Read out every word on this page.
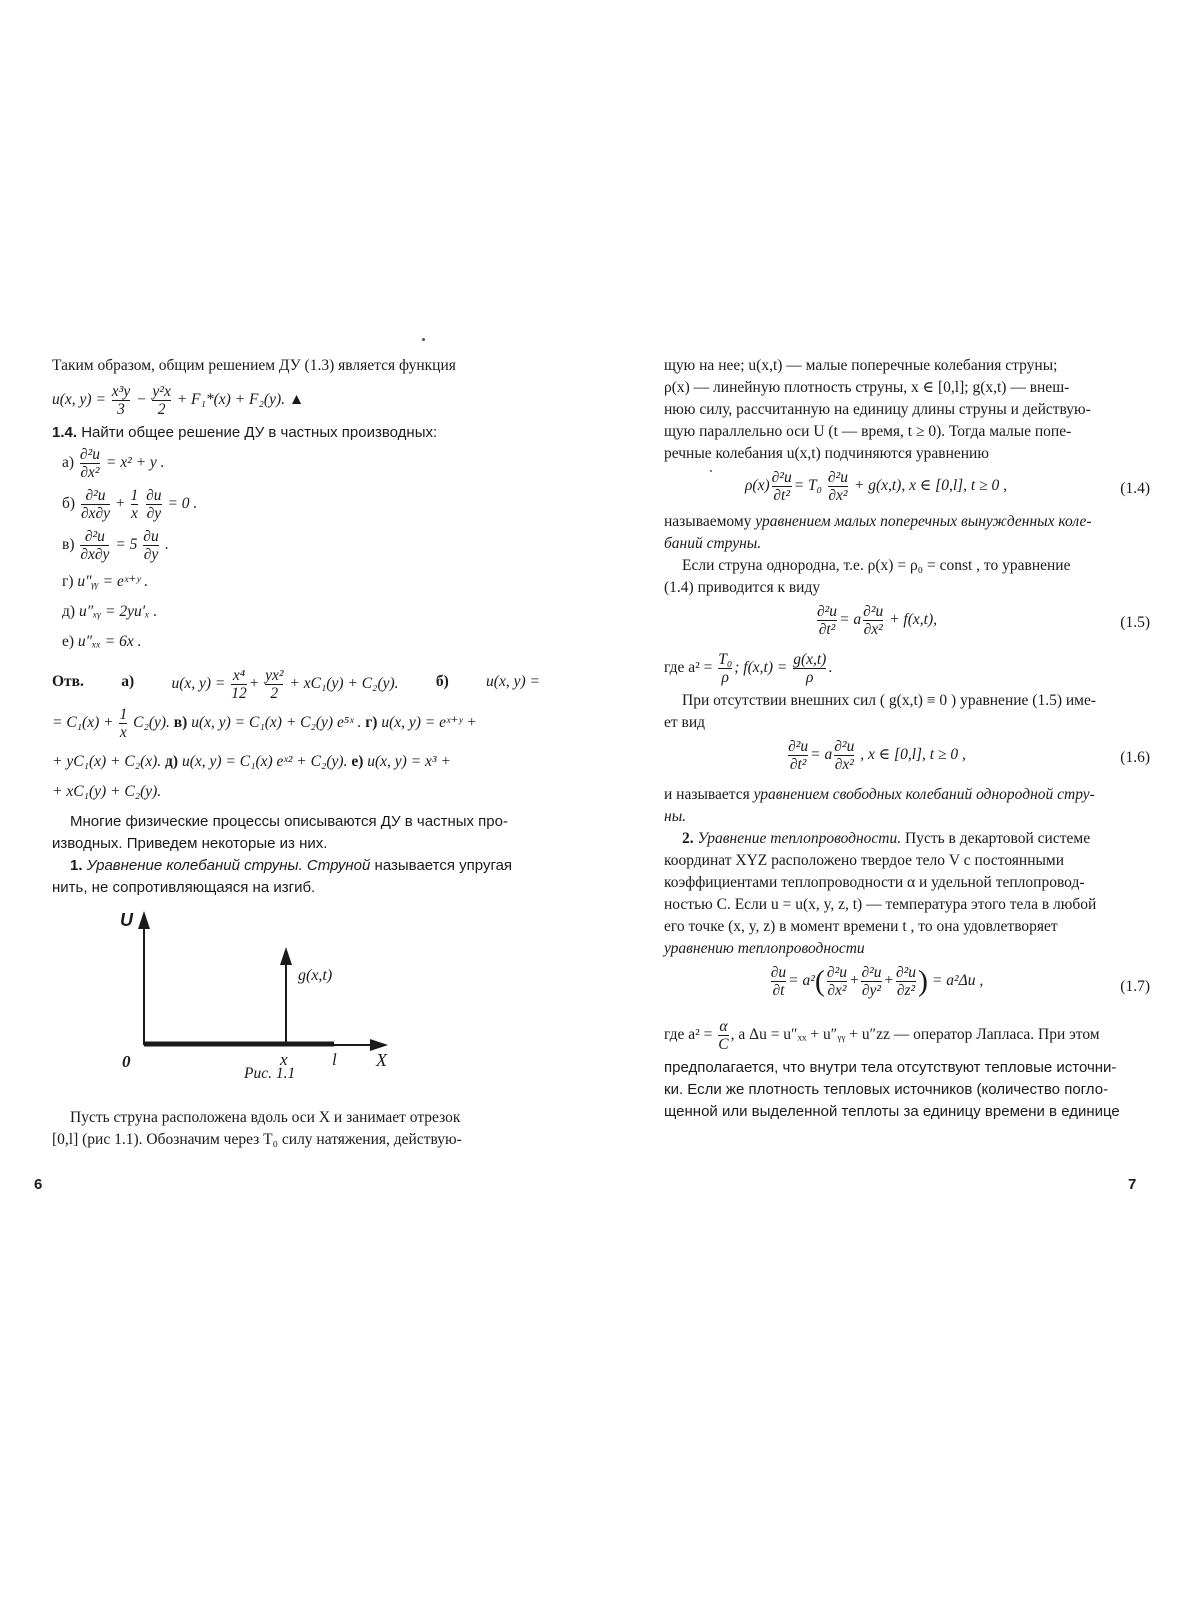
Таким образом, общим решением ДУ (1.3) является функция
u(x, $y) = \frac{\text{x³y}}{3} - \frac{\text{y²x}}{2} + F_1*(x) + F_2(y)$. ▲
1.4. Найти общее решение ДУ в частных производных:
$а) \frac{\text{∂²u}}{\text{∂x²}} = x^2 + y$ .
$б) \frac{\text{∂²u}}{\partial x\partial y} + \frac{1}{x}$
$\frac{\partial u}{\partial y} = 0$ .
$в) \frac{\text{∂²u}}{\partial x\partial y} = 5 \frac{\partial u}{\partial y}$ .
г) u″ᵧᵧ = eˣ⁺ʸ .
д) u″ₓᵧ = 2yu′ₓ .
е) u″ₓₓ = 6x .
Отв. а) u(x, $y) = \frac{\text{x⁴}}{12} + \frac{\text{yx²}}{2} + xC_1(y) + C_2(y)$. б) u(x, y) =
= $C_1(x) + \frac{1}{x} C_2(y)$. в) u(x, y) = C₁(x) + C₂(y) e⁵ˣ . г) u(x, y) = eˣ⁺ʸ +
+ yC₁(x) + C₂(x). д) u(x, y) = C₁(x) eˣ² + C₂(y). е) u(x, y) = x³ +
+ xC₁(y) + C₂(y).
Многие физические процессы описываются ДУ в частных про-
изводных. Приведем некоторые из них.
1. Уравнение колебаний струны. Струной называется упругая
нить, не сопротивляющаяся на изгиб.
U
X
0	x	l
g(x,t)
Рис. 1.1
Пусть струна расположена вдоль оси X и занимает отрезок
[0,l] (рис 1.1). Обозначим через T₀ силу натяжения, действую-
6
щую на нее; u(x,t) — малые поперечные колебания струны;
ρ(x) — линейную плотность струны, x ∈ [0,l]; g(x,t) — внеш-
нюю силу, рассчитанную на единицу длины струны и действую-
щую параллельно оси U (t — время, t ≥ 0). Тогда малые попе-
речные колебания u(x,t) подчиняются уравнению
$\rho(x) \frac{\text{∂²u}}{\text{∂t²}} = T_0 \frac{\text{∂²u}}{\text{∂x²}} + g(x,t)$, x ∈ [0,l], t ≥ 0 ,	(1.4)
называемому уравнением малых поперечных вынужденных коле-
баний струны.
Если струна однородна, т.е. ρ(x) = ρ₀ = const , то уравнение
(1.4) приводится к виду
$\frac{\text{∂²u}}{\text{∂t²}} = a \frac{\text{∂²u}}{\text{∂x²}} + f(x,t)$,	(1.5)
где $a^2 = \frac{\text{T₀}}{\rho}$ ; $f(x,t) = \frac{g(x,t)}{\rho}$ .
При отсутствии внешних сил ( g(x,t) ≡ 0 ) уравнение (1.5) име-
ет вид
$\frac{\text{∂²u}}{\text{∂t²}} = a \frac{\text{∂²u}}{\text{∂x²}}$ , x ∈ [0,l], t ≥ 0 ,	(1.6)
и называется уравнением свободных колебаний однородной стру-
ны.
2. Уравнение теплопроводности. Пусть в декартовой системе
координат XYZ расположено твердое тело V с постоянными
коэффициентами теплопроводности α и удельной теплопровод-
ностью C. Если u = u(x, y, z, t) — температура этого тела в любой
его точке (x, y, z) в момент времени t , то она удовлетворяет
уравнению теплопроводности
$\frac{\partial u}{\partial t} = a^2( \frac{\text{∂²u}}{\text{∂x²}} + \frac{\text{∂²u}}{\text{∂y²}} + \frac{\text{∂²u}}{\text{∂z²}}$ ) = a²Δu ,	(1.7)
где $a^2 = \frac{\alpha}{C}$ , а Δu = u″ₓₓ + u″ᵧᵧ + u″zz — оператор Лапласа. При этом
предполагается, что внутри тела отсутствуют тепловые источни-
ки. Если же плотность тепловых источников (количество погло-
щенной или выделенной теплоты за единицу времени в единице
7
